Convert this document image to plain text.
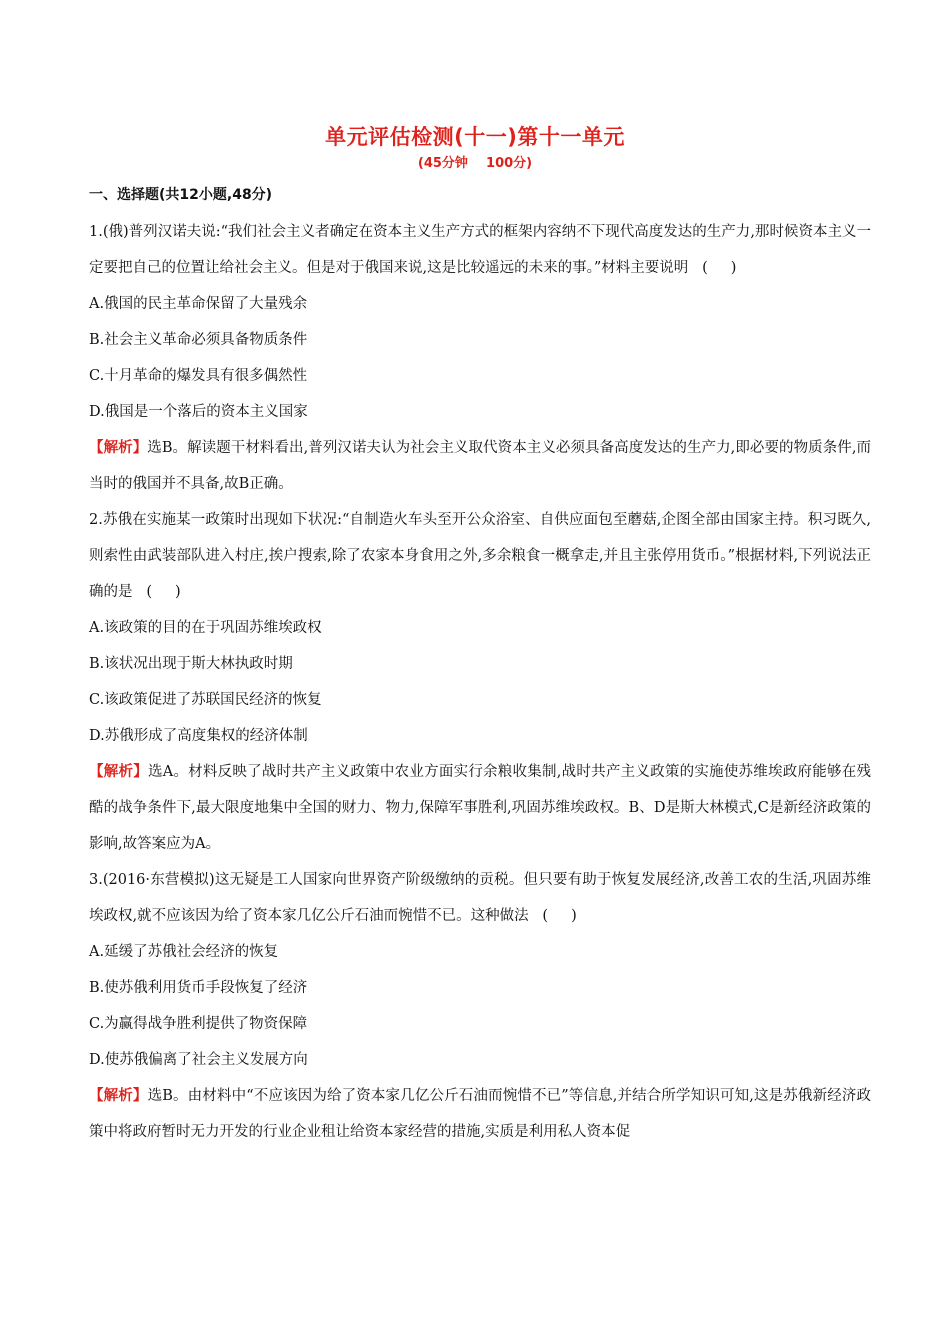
单元评估检测(十一)第十一单元
(45分钟    100分)
一、选择题(共12小题,48分)
1.(俄)普列汉诺夫说:“我们社会主义者确定在资本主义生产方式的框架内容纳不下现代高度发达的生产力,那时候资本主义一定要把自己的位置让给社会主义。但是对于俄国来说,这是比较遥远的未来的事。”材料主要说明   (     )
A.俄国的民主革命保留了大量残余
B.社会主义革命必须具备物质条件
C.十月革命的爆发具有很多偶然性
D.俄国是一个落后的资本主义国家
【解析】选B。解读题干材料看出,普列汉诺夫认为社会主义取代资本主义必须具备高度发达的生产力,即必要的物质条件,而当时的俄国并不具备,故B正确。
2.苏俄在实施某一政策时出现如下状况:“自制造火车头至开公众浴室、自供应面包至蘑菇,企图全部由国家主持。积习既久,则索性由武装部队进入村庄,挨户搜索,除了农家本身食用之外,多余粮食一概拿走,并且主张停用货币。”根据材料,下列说法正确的是   (     )
A.该政策的目的在于巩固苏维埃政权
B.该状况出现于斯大林执政时期
C.该政策促进了苏联国民经济的恢复
D.苏俄形成了高度集权的经济体制
【解析】选A。材料反映了战时共产主义政策中农业方面实行余粮收集制,战时共产主义政策的实施使苏维埃政府能够在残酷的战争条件下,最大限度地集中全国的财力、物力,保障军事胜利,巩固苏维埃政权。B、D是斯大林模式,C是新经济政策的影响,故答案应为A。
3.(2016·东营模拟)这无疑是工人国家向世界资产阶级缴纳的贡税。但只要有助于恢复发展经济,改善工农的生活,巩固苏维埃政权,就不应该因为给了资本家几亿公斤石油而惋惜不已。这种做法   (     )
A.延缓了苏俄社会经济的恢复
B.使苏俄利用货币手段恢复了经济
C.为赢得战争胜利提供了物资保障
D.使苏俄偏离了社会主义发展方向
【解析】选B。由材料中“不应该因为给了资本家几亿公斤石油而惋惜不已”等信息,并结合所学知识可知,这是苏俄新经济政策中将政府暂时无力开发的行业企业租让给资本家经营的措施,实质是利用私人资本促
